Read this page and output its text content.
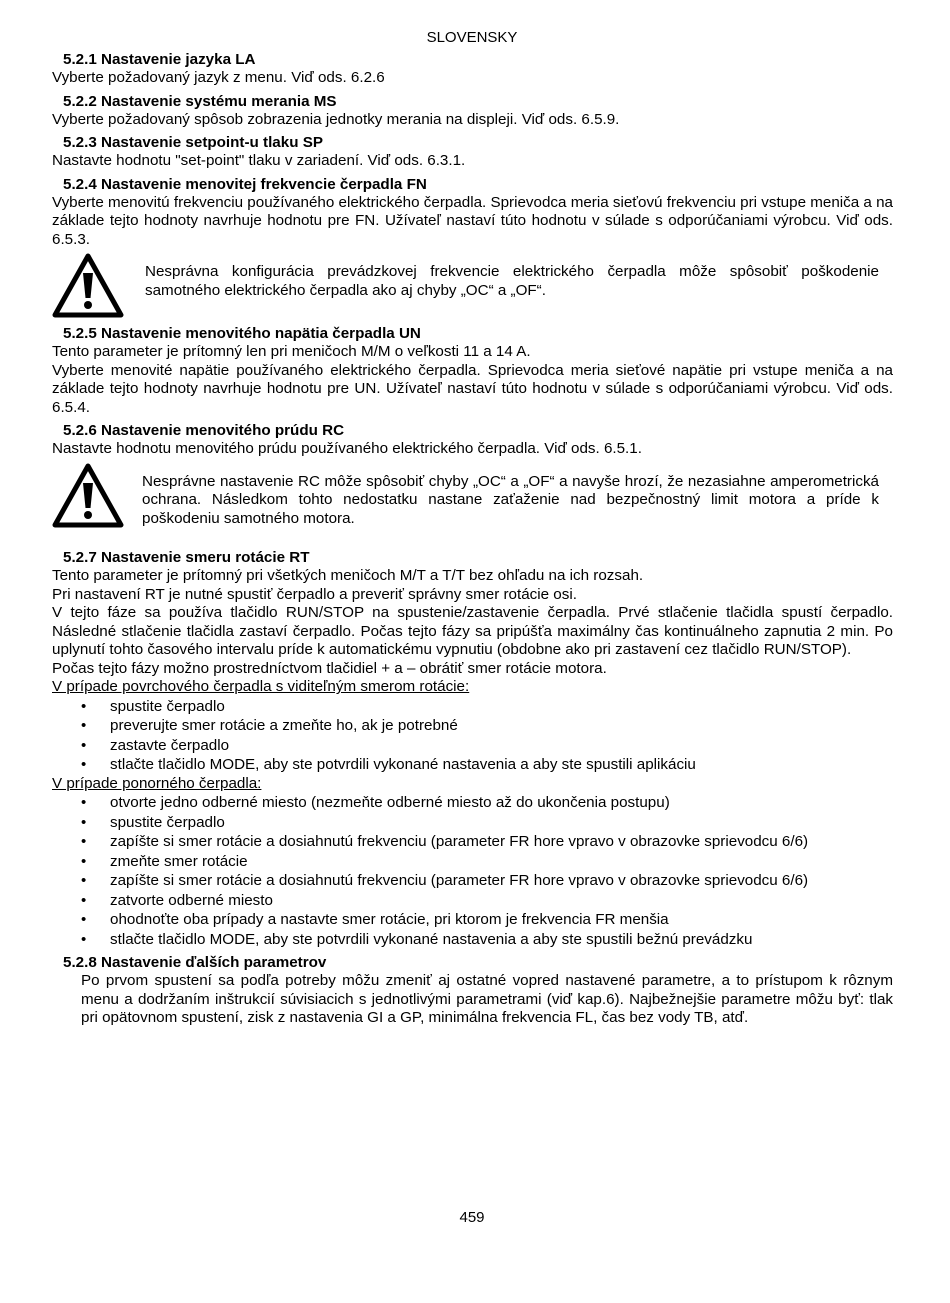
SLOVENSKY

5.2.1 Nastavenie jazyka LA

Vyberte požadovaný jazyk z menu. Viď ods. 6.2.6

5.2.2 Nastavenie systému merania MS

Vyberte požadovaný spôsob zobrazenia jednotky merania na displeji. Viď ods. 6.5.9.

5.2.3 Nastavenie setpoint-u tlaku SP

Nastavte hodnotu "set-point" tlaku v zariadení. Viď ods. 6.3.1.

5.2.4 Nastavenie menovitej frekvencie čerpadla FN

Vyberte menovitú frekvenciu používaného elektrického čerpadla. Sprievodca meria sieťovú frekvenciu pri vstupe meniča a na základe tejto hodnoty navrhuje hodnotu pre FN. Užívateľ nastaví túto hodnotu v súlade s odporúčaniami výrobcu. Viď ods. 6.5.3.

Nesprávna konfigurácia prevádzkovej frekvencie elektrického čerpadla môže spôsobiť poškodenie samotného elektrického čerpadla ako aj chyby „OC“ a „OF“.

5.2.5 Nastavenie menovitého napätia čerpadla UN

Tento parameter je prítomný len pri meničoch M/M o veľkosti 11 a 14 A.

Vyberte menovité napätie používaného elektrického čerpadla. Sprievodca meria sieťové napätie pri vstupe meniča a na základe tejto hodnoty navrhuje hodnotu pre UN. Užívateľ nastaví túto hodnotu v súlade s odporúčaniami výrobcu. Viď ods. 6.5.4.

5.2.6 Nastavenie menovitého prúdu RC

Nastavte hodnotu menovitého prúdu používaného elektrického čerpadla. Viď ods. 6.5.1.

Nesprávne nastavenie RC môže spôsobiť chyby „OC“ a „OF“ a navyše hrozí, že nezasiahne amperometrická ochrana. Následkom tohto nedostatku nastane zaťaženie nad bezpečnostný limit motora a príde k poškodeniu samotného motora.

5.2.7 Nastavenie smeru rotácie RT

Tento parameter je prítomný pri všetkých meničoch M/T a T/T bez ohľadu na ich rozsah.

Pri nastavení RT je nutné spustiť čerpadlo a preveriť správny smer rotácie osi.

V tejto fáze sa používa tlačidlo RUN/STOP na spustenie/zastavenie čerpadla. Prvé stlačenie tlačidla spustí čerpadlo. Následné stlačenie tlačidla zastaví čerpadlo. Počas tejto fázy sa pripúšťa maximálny čas kontinuálneho zapnutia 2 min. Po uplynutí tohto časového intervalu príde k automatickému vypnutiu (obdobne ako pri zastavení cez tlačidlo RUN/STOP).

Počas tejto fázy možno prostredníctvom tlačidiel + a – obrátiť smer rotácie motora.

V prípade povrchového čerpadla s viditeľným smerom rotácie:

• spustite čerpadlo
• preverujte smer rotácie a zmeňte ho, ak je potrebné
• zastavte čerpadlo
• stlačte tlačidlo MODE, aby ste potvrdili vykonané nastavenia a aby ste spustili aplikáciu

V prípade ponorného čerpadla:

• otvorte jedno odberné miesto (nezmeňte odberné miesto až do ukončenia postupu)
• spustite čerpadlo
• zapíšte si smer rotácie a dosiahnutú frekvenciu (parameter FR hore vpravo v obrazovke sprievodcu 6/6)
• zmeňte smer rotácie
• zapíšte si smer rotácie a dosiahnutú frekvenciu (parameter FR hore vpravo v obrazovke sprievodcu 6/6)
• zatvorte odberné miesto
• ohodnoťte oba prípady a nastavte smer rotácie, pri ktorom je frekvencia FR menšia
• stlačte tlačidlo MODE, aby ste potvrdili vykonané nastavenia a aby ste spustili bežnú prevádzku

5.2.8 Nastavenie ďalších parametrov

Po prvom spustení sa podľa potreby môžu zmeniť aj ostatné vopred nastavené parametre, a to prístupom k rôznym menu a dodržaním inštrukcií súvisiacich s jednotlivými parametrami (viď kap.6). Najbežnejšie parametre môžu byť: tlak pri opätovnom spustení, zisk z nastavenia GI a GP, minimálna frekvencia FL, čas bez vody TB, atď.

459
